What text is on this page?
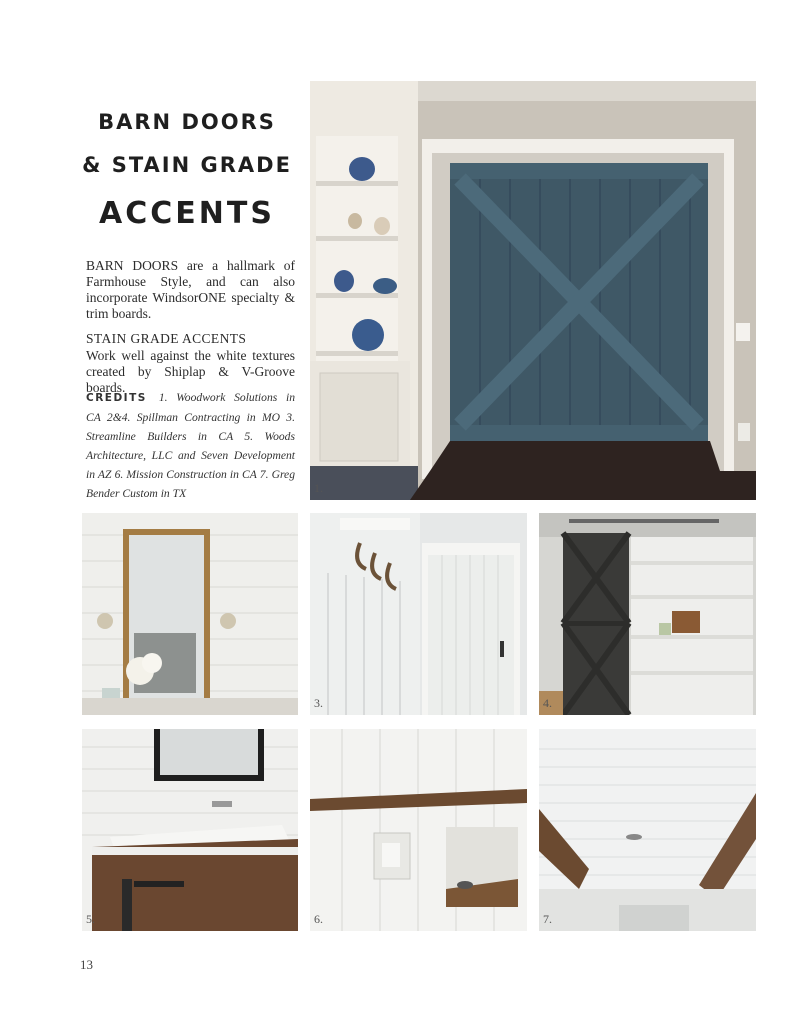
BARN DOORS
& STAIN GRADE
ACCENTS
BARN DOORS are a hallmark of Farmhouse Style, and can also incorporate WindsorONE specialty & trim boards.
STAIN GRADE ACCENTS
Work well against the white textures created by Shiplap & V-Groove boards.
CREDITS 1. Woodwork Solutions in CA 2&4. Spillman Contracting in MO 3. Streamline Builders in CA 5. Woods Architecture, LLC and Seven Development in AZ 6. Mission Construction in CA 7. Greg Bender Custom in TX	1.
3.	4.
5.	6.	7.
13
